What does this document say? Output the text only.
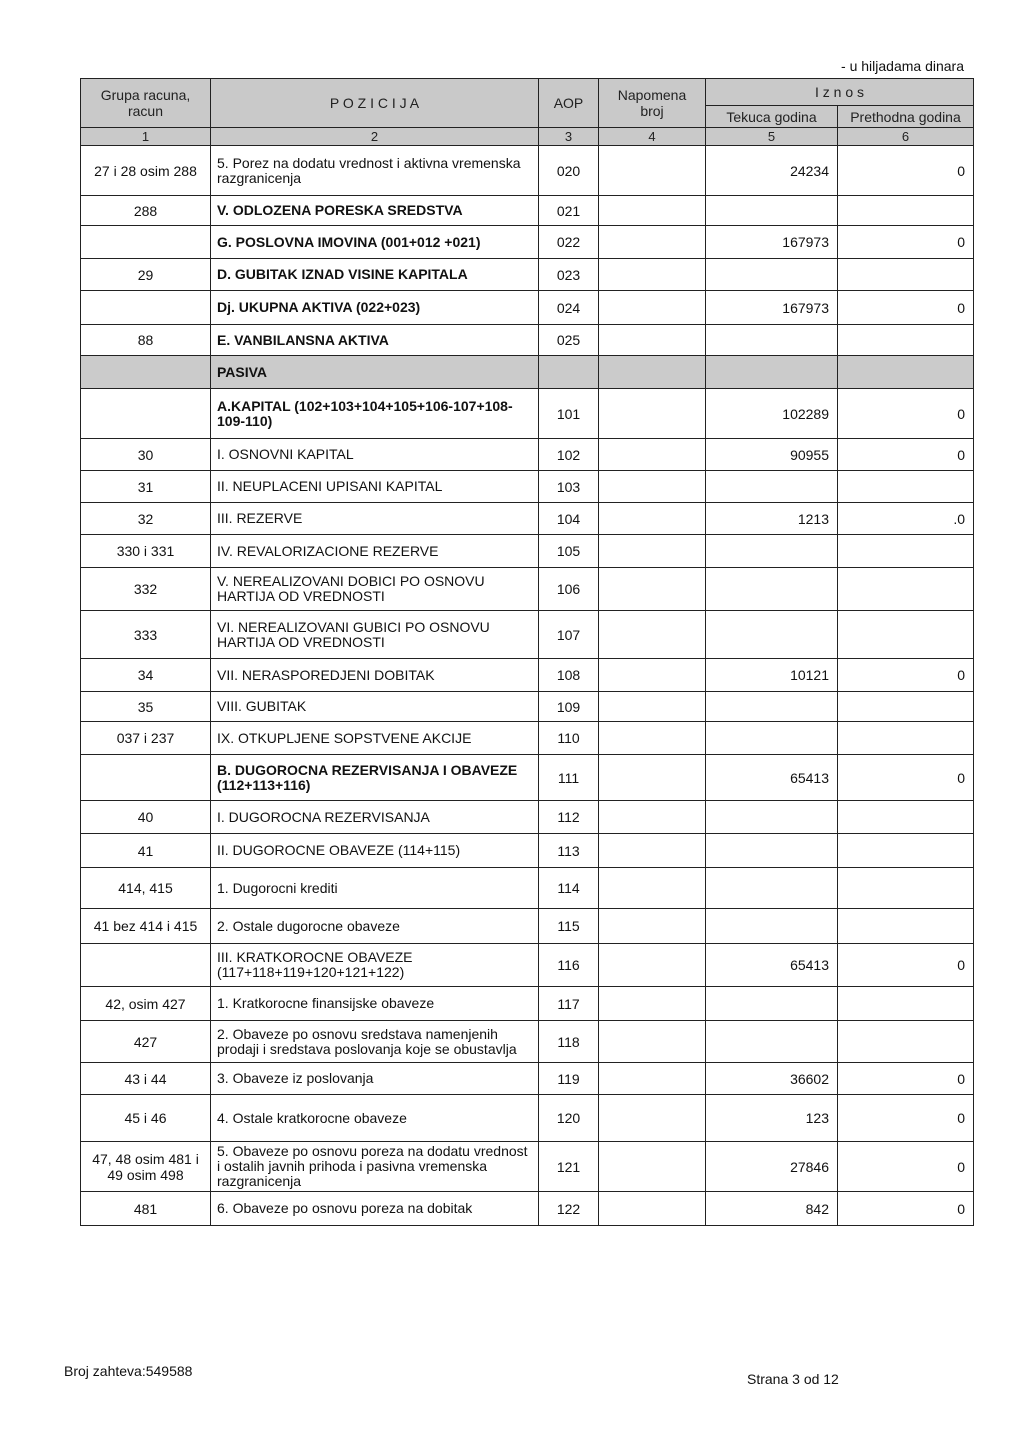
- u hiljadama dinara
Grupa racuna, racun	P O Z I C I J A	AOP	Napomena broj	I z n o s	
				Tekuca godina	Prethodna godina
1	2	3	4	5	6
27 i 28 osim 288	5. Porez na dodatu vrednost i aktivna vremenska razgranicenja	020		24234	0
288	V. ODLOZENA PORESKA SREDSTVA	021			
	G. POSLOVNA IMOVINA (001+012 +021)	022		167973	0
29	D. GUBITAK IZNAD VISINE KAPITALA	023			
	Dj. UKUPNA AKTIVA (022+023)	024		167973	0
88	E. VANBILANSNA AKTIVA	025			
	PASIVA				
	A.KAPITAL (102+103+104+105+106-107+108-109-110)	101		102289	0
30	I. OSNOVNI KAPITAL	102		90955	0
31	II. NEUPLACENI UPISANI KAPITAL	103			
32	III. REZERVE	104		1213	.0
330 i 331	IV. REVALORIZACIONE REZERVE	105			
332	V. NEREALIZOVANI DOBICI PO OSNOVU HARTIJA OD VREDNOSTI	106			
333	VI. NEREALIZOVANI GUBICI PO OSNOVU HARTIJA OD VREDNOSTI	107			
34	VII. NERASPOREDJENI DOBITAK	108		10121	0
35	VIII. GUBITAK	109			
037 i 237	IX. OTKUPLJENE SOPSTVENE AKCIJE	110			
	B. DUGOROCNA REZERVISANJA I OBAVEZE (112+113+116)	111		65413	0
40	I. DUGOROCNA REZERVISANJA	112			
41	II. DUGOROCNE OBAVEZE (114+115)	113			
414, 415	1. Dugorocni krediti	114			
41 bez 414 i 415	2. Ostale dugorocne obaveze	115			
	III. KRATKOROCNE OBAVEZE (117+118+119+120+121+122)	116		65413	0
42, osim 427	1. Kratkorocne finansijske obaveze	117			
427	2. Obaveze po osnovu sredstava namenjenih prodaji i sredstava poslovanja koje se obustavlja	118			
43 i 44	3. Obaveze iz poslovanja	119		36602	0
45 i 46	4. Ostale kratkorocne obaveze	120		123	0
47, 48 osim 481 i 49 osim 498	5. Obaveze po osnovu poreza na dodatu vrednost i ostalih javnih prihoda i pasivna vremenska razgranicenja	121		27846	0
481	6. Obaveze po osnovu poreza na dobitak	122		842	0
Broj zahteva:549588	Strana 3 od 12
